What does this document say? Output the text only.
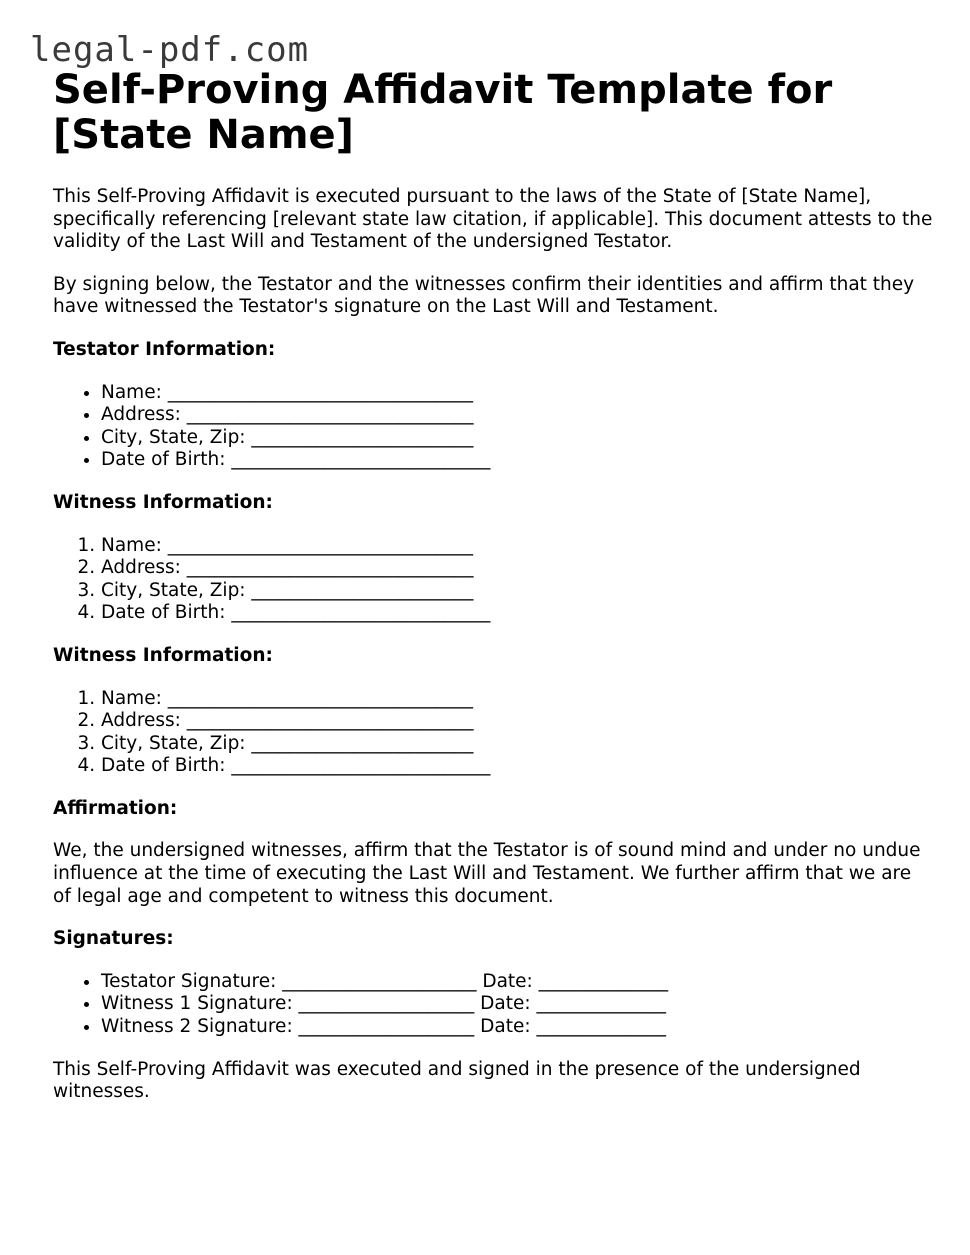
legal-pdf.com
Self-Proving Affidavit Template for [State Name]

This Self-Proving Affidavit is executed pursuant to the laws of the State of [State Name], specifically referencing [relevant state law citation, if applicable]. This document attests to the validity of the Last Will and Testament of the undersigned Testator.

By signing below, the Testator and the witnesses confirm their identities and affirm that they have witnessed the Testator's signature on the Last Will and Testament.

Testator Information:
• Name: _________________________________
• Address: _______________________________
• City, State, Zip: ________________________
• Date of Birth: ____________________________
Witness Information:
1. Name: _________________________________
2. Address: _______________________________
3. City, State, Zip: ________________________
4. Date of Birth: ____________________________
Witness Information:
1. Name: _________________________________
2. Address: _______________________________
3. City, State, Zip: ________________________
4. Date of Birth: ____________________________
Affirmation:

We, the undersigned witnesses, affirm that the Testator is of sound mind and under no undue influence at the time of executing the Last Will and Testament. We further affirm that we are of legal age and competent to witness this document.

Signatures:
• Testator Signature: _____________________ Date: ______________
• Witness 1 Signature: ___________________ Date: ______________
• Witness 2 Signature: ___________________ Date: ______________

This Self-Proving Affidavit was executed and signed in the presence of the undersigned witnesses.
